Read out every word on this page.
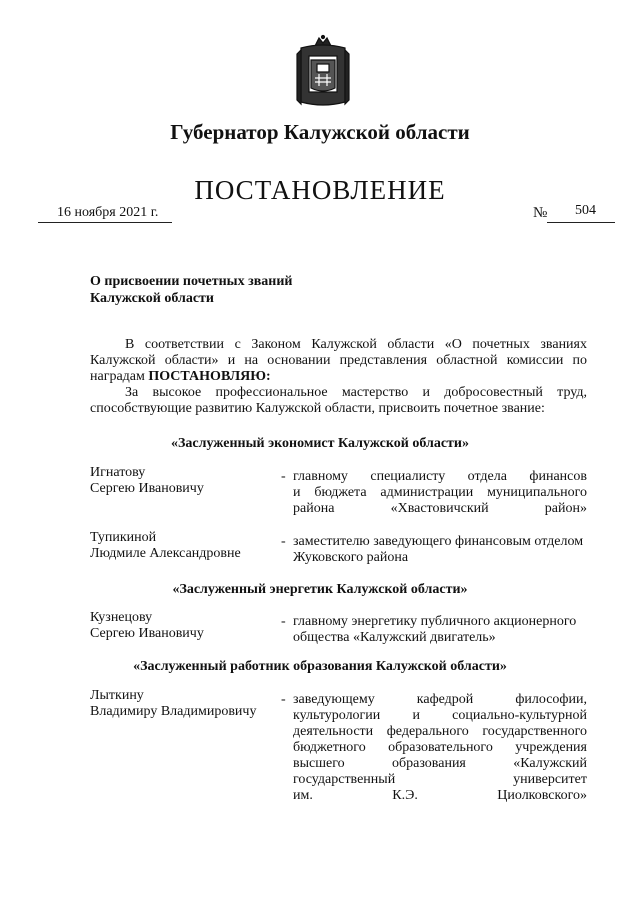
Губернатор Калужской области
ПОСТАНОВЛЕНИЕ
16 ноября 2021 г.	№ 504
О присвоении почетных званий
Калужской области
В соответствии с Законом Калужской области «О почетных званиях Калужской области» и на основании представления областной комиссии по наградам ПОСТАНОВЛЯЮ:
За высокое профессиональное мастерство и добросовестный труд, способствующие развитию Калужской области, присвоить почетное звание:
«Заслуженный экономист Калужской области»
Игнатову
Сергею Ивановичу
- главному специалисту отдела финансов
и бюджета администрации муниципального
района «Хвастовичский район»
Тупикиной
Людмиле Александровне
- заместителю заведующего финансовым отделом
Жуковского района
«Заслуженный энергетик Калужской области»
Кузнецову
Сергею Ивановичу
- главному энергетику публичного акционерного
общества «Калужский двигатель»
«Заслуженный работник образования Калужской области»
Лыткину
Владимиру Владимировичу
- заведующему кафедрой философии,
культурологии и социально-культурной
деятельности федерального государственного
бюджетного образовательного учреждения
высшего образования «Калужский
государственный университет
им. К.Э. Циолковского»
